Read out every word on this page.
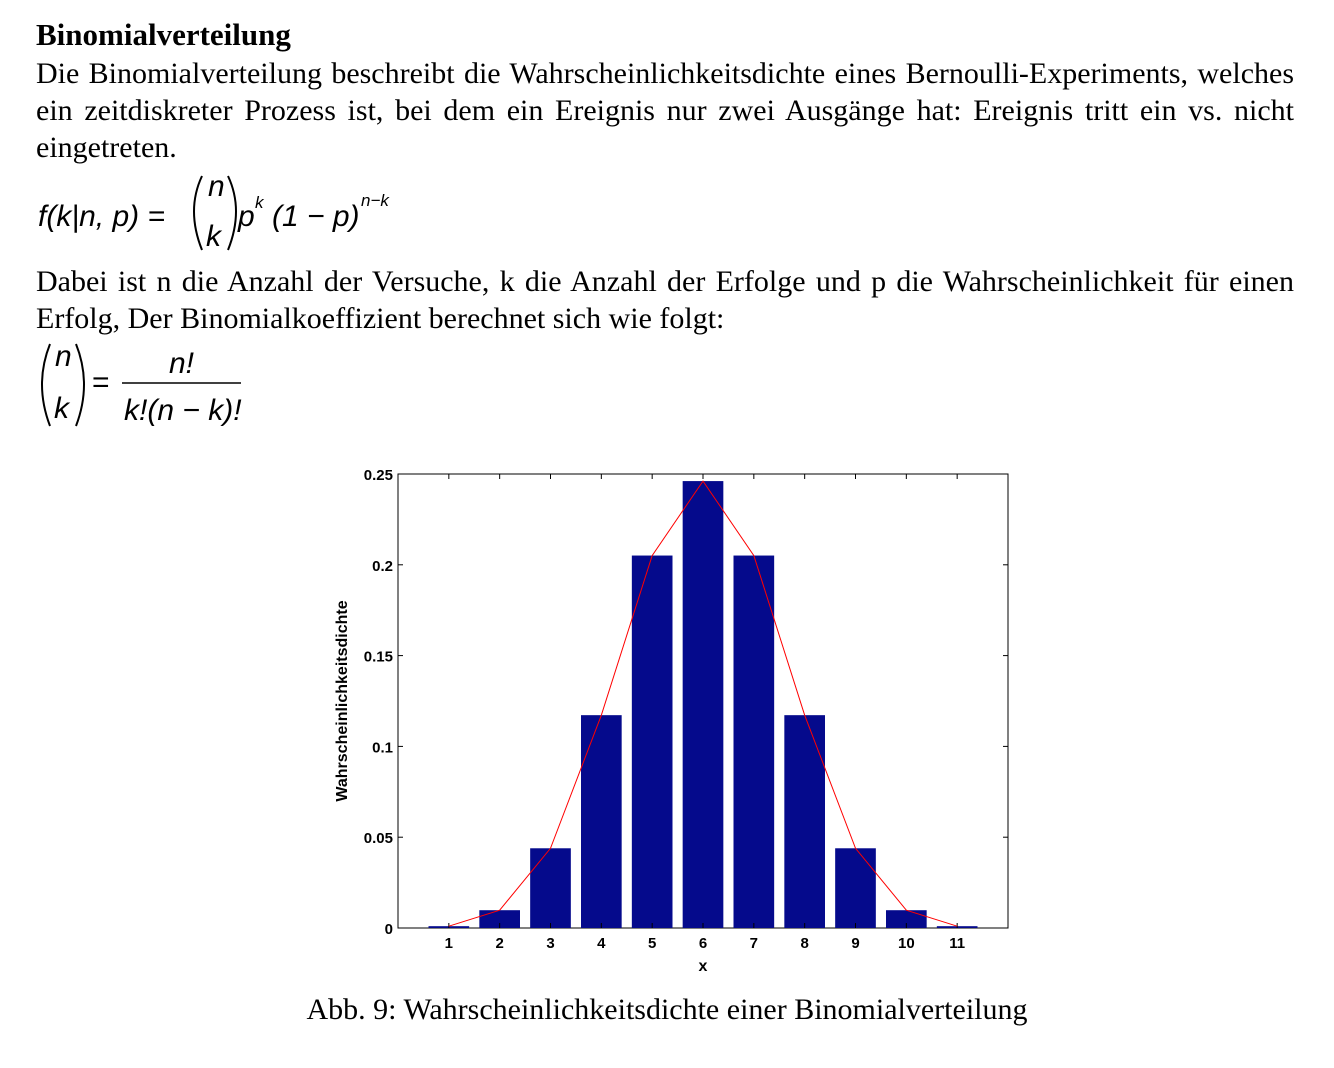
Binomialverteilung

Die Binomialverteilung beschreibt die Wahrscheinlichkeitsdichte eines Bernoulli-Experiments, welches ein zeitdiskreter Prozess ist, bei dem ein Ereignis nur zwei Ausgänge hat: Ereignis tritt ein vs. nicht eingetreten.

f(k|n, p) =
n
k
p k (1 − p) n−k

Dabei ist n die Anzahl der Versuche, k die Anzahl der Erfolge und p die Wahrscheinlichkeit für einen Erfolg, Der Binomialkoeffizient berechnet sich wie folgt:

n
k
=
n!
k!(n − k)!
1	2	3	4	5	6	7	8	9	10 11
0
0.05
0.1
0.15
0.2
0.25
x
Wahrscheinlichkeitsdichte
Abb. 9: Wahrscheinlichkeitsdichte einer Binomialverteilung
